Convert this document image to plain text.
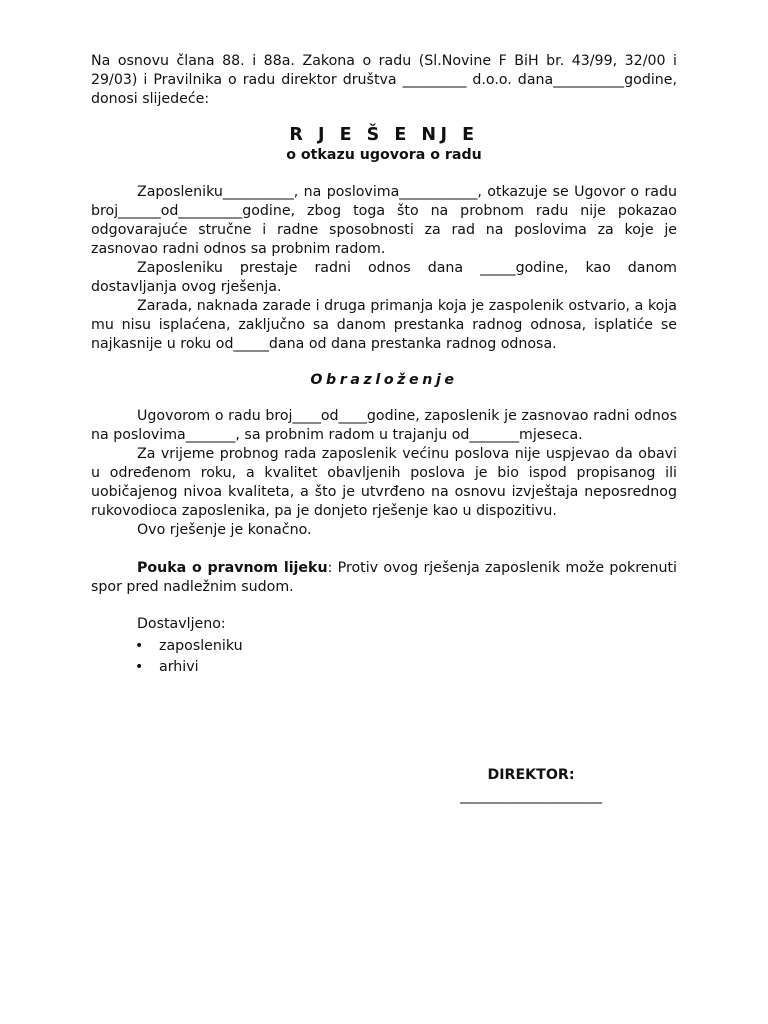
Na osnovu člana 88. i 88a. Zakona o radu (Sl.Novine F BiH br. 43/99, 32/00 i 29/03) i Pravilnika o radu direktor društva _________ d.o.o. dana__________godine, donosi slijedeće:

R J E Š E NJ E
o otkazu ugovora o radu

Zaposleniku__________, na poslovima___________, otkazuje se Ugovor o radu broj______od_________godine, zbog toga što na probnom radu nije pokazao odgovarajuće stručne i radne sposobnosti za rad na poslovima za koje je zasnovao radni odnos sa probnim radom.

Zaposleniku prestaje radni odnos dana _____godine, kao danom dostavljanja ovog rješenja.

Zarada, naknada zarade i druga primanja koja je zaspolenik ostvario, a koja mu nisu isplaćena, zaključno sa danom prestanka radnog odnosa, isplatiće se najkasnije u roku od_____dana od dana prestanka radnog odnosa.

Obrazloženje

Ugovorom o radu broj____od____godine, zaposlenik je zasnovao radni odnos na poslovima_______, sa probnim radom u trajanju od_______mjeseca.

Za vrijeme probnog rada zaposlenik većinu poslova nije uspjevao da obavi u određenom roku, a kvalitet obavljenih poslova je bio ispod propisanog ili uobičajenog nivoa kvaliteta, a što je utvrđeno na osnovu izvještaja neposrednog rukovodioca zaposlenika, pa je donjeto rješenje kao u dispozitivu.

Ovo rješenje je konačno.

Pouka o pravnom lijeku: Protiv ovog rješenja zaposlenik može pokrenuti spor pred nadležnim sudom.

Dostavljeno:
• zaposleniku
• arhivi
DIREKTOR:
____________________
